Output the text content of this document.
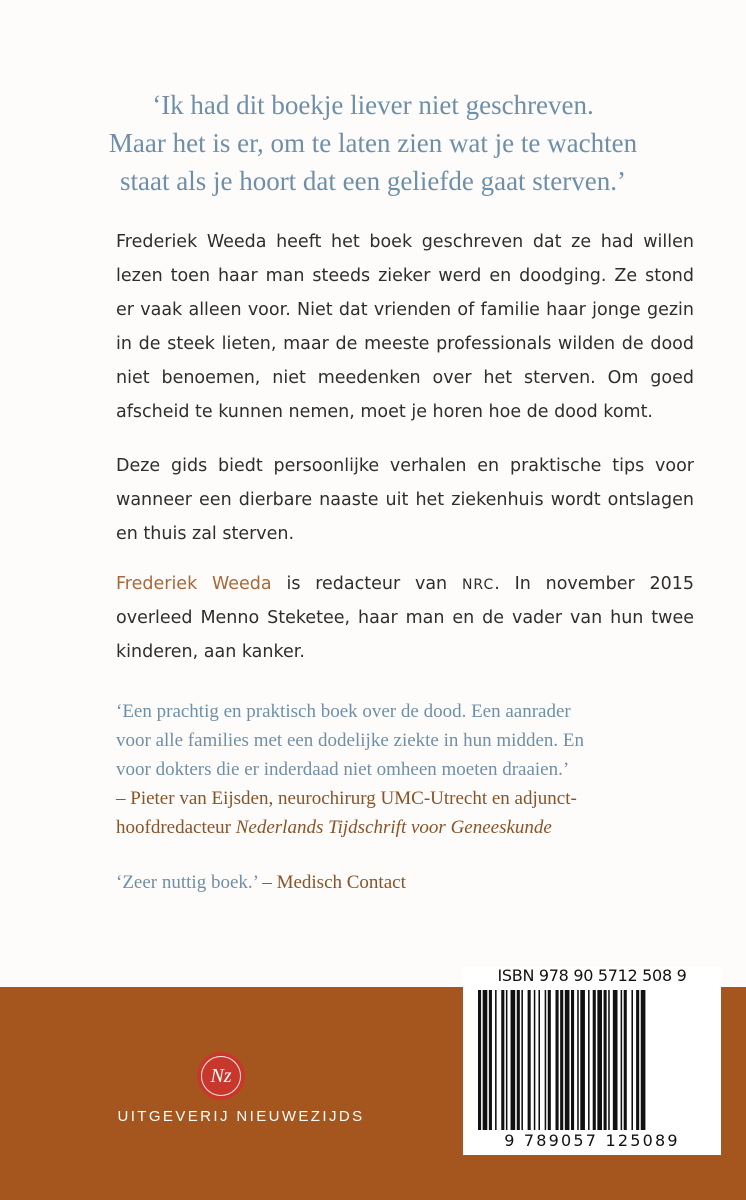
‘Ik had dit boekje liever niet geschreven.
Maar het is er, om te laten zien wat je te wachten
staat als je hoort dat een geliefde gaat sterven.’
Frederiek Weeda heeft het boek geschreven dat ze had willen
lezen toen haar man steeds zieker werd en doodging. Ze stond
er vaak alleen voor. Niet dat vrienden of familie haar jonge gezin
in de steek lieten, maar de meeste professionals wilden de dood
niet benoemen, niet meedenken over het sterven. Om goed
afscheid te kunnen nemen, moet je horen hoe de dood komt.
Deze gids biedt persoonlijke verhalen en praktische tips voor
wanneer een dierbare naaste uit het ziekenhuis wordt ontslagen
en thuis zal sterven.
Frederiek Weeda is redacteur van NRC. In november 2015
overleed Menno Steketee, haar man en de vader van hun twee
kinderen, aan kanker.
‘Een prachtig en praktisch boek over de dood. Een aanrader
voor alle families met een dodelijke ziekte in hun midden. En
voor dokters die er inderdaad niet omheen moeten draaien.’
– Pieter van Eijsden, neurochirurg UMC-Utrecht en adjunct-
hoofdredacteur Nederlands Tijdschrift voor Geneeskunde
‘Zeer nuttig boek.’ – Medisch Contact
Nz
UITGEVERIJ NIEUWEZIJDS
ISBN 978 90 5712 508 9
9 789057 125089
